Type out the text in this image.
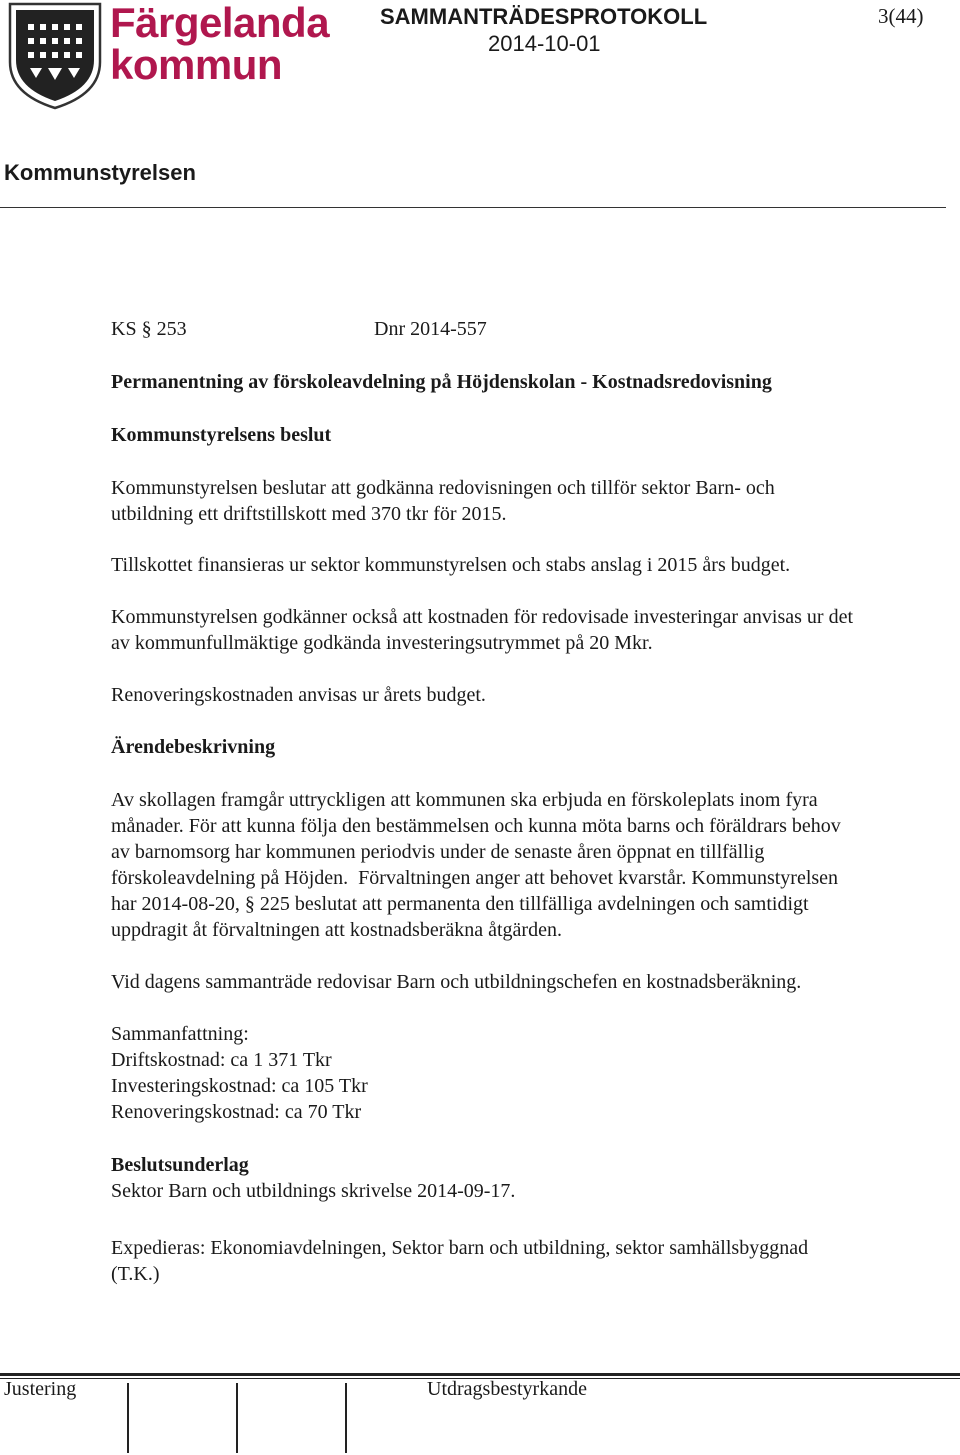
Färgelanda
kommun
SAMMANTRÄDESPROTOKOLL
2014-10-01
3(44)
Kommunstyrelsen
KS § 253	Dnr 2014-557
Permanentning av förskoleavdelning på Höjdenskolan - Kostnadsredovisning
Kommunstyrelsens beslut
Kommunstyrelsen beslutar att godkänna redovisningen och tillför sektor Barn- och
utbildning ett driftstillskott med 370 tkr för 2015.
Tillskottet finansieras ur sektor kommunstyrelsen och stabs anslag i 2015 års budget.
Kommunstyrelsen godkänner också att kostnaden för redovisade investeringar anvisas ur det
av kommunfullmäktige godkända investeringsutrymmet på 20 Mkr.
Renoveringskostnaden anvisas ur årets budget.
Ärendebeskrivning
Av skollagen framgår uttryckligen att kommunen ska erbjuda en förskoleplats inom fyra
månader. För att kunna följa den bestämmelsen och kunna möta barns och föräldrars behov
av barnomsorg har kommunen periodvis under de senaste åren öppnat en tillfällig
förskoleavdelning på Höjden.  Förvaltningen anger att behovet kvarstår. Kommunstyrelsen
har 2014-08-20, § 225 beslutat att permanenta den tillfälliga avdelningen och samtidigt
uppdragit åt förvaltningen att kostnadsberäkna åtgärden.
Vid dagens sammanträde redovisar Barn och utbildningschefen en kostnadsberäkning.
Sammanfattning:
Driftskostnad: ca 1 371 Tkr
Investeringskostnad: ca 105 Tkr
Renoveringskostnad: ca 70 Tkr
Beslutsunderlag
Sektor Barn och utbildnings skrivelse 2014-09-17.
Expedieras: Ekonomiavdelningen, Sektor barn och utbildning, sektor samhällsbyggnad
(T.K.)
Justering	Utdragsbestyrkande
